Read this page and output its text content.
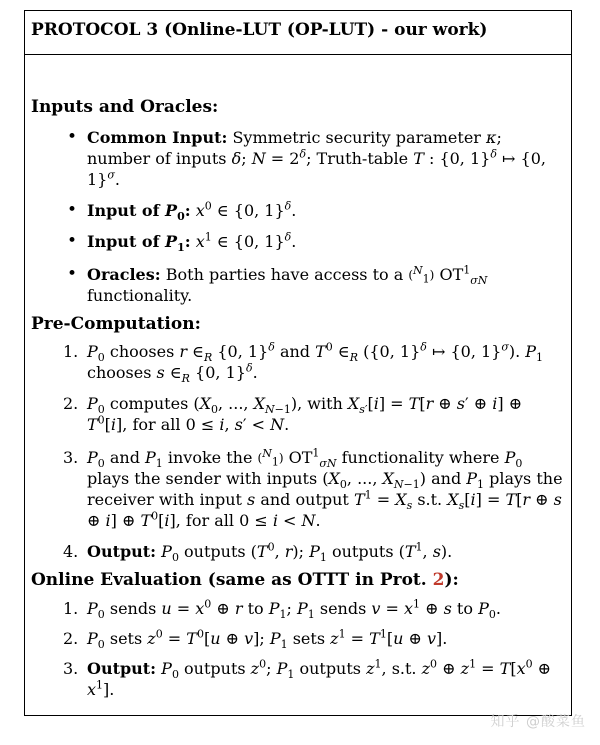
PROTOCOL 3 (Online-LUT (OP-LUT) - our work)

Inputs and Oracles:

• Common Input: Symmetric security parameter κ; number of inputs δ; $N = 2^\delta$; Truth-table T : {0, 1}$^\delta$ ↦ {0, 1}$^\sigma$.
• Input of $P_0$: $x^0$ ∈ {0, 1}$^\delta$.
• Input of $P_1$: $x^1$ ∈ {0, 1}$^\delta$.
• Oracles: Both parties have access to a ($^N_1$) $OT^1_{\sigma N}$ functionality.

Pre-Computation:

1. $P_0$ chooses r $\in_R$ {0, 1}$^\delta$ and $T^0$ $\in_R$ ({0, 1}$^\delta$ ↦ {0, 1}$^\sigma$). $P_1$ chooses s $\in_R$ {0, 1}$^\delta$.
2. $P_0$ computes ($X_0$, ..., $X_{N-1}$), with $X_{s'}[i] = T[r$ ⊕ s′ ⊕ i] ⊕ $T^0[i]$, for all 0 ≤ i, s′ < N.
3. $P_0$ and $P_1$ invoke the ($^N_1$) $OT^1_{\sigma N}$ functionality where $P_0$ plays the sender with inputs ($X_0$, ..., $X_{N-1}$) and $P_1$ plays the receiver with input s and output $T^1 = X_s$ s.t. $X_s[i] = T[r$ ⊕ s ⊕ i] ⊕ $T^0[i]$, for all 0 ≤ i < N.
4. Output: $P_0$ outputs ($T^0$, r); $P_1$ outputs ($T^1$, s).

Online Evaluation (same as OTTT in Prot. 2):

1. $P_0$ sends $u = x^0$ ⊕ r to $P_1$; $P_1$ sends $v = x^1$ ⊕ s to $P_0$.
2. $P_0$ sets $z^0 = T^0[u$ ⊕ v]; $P_1$ sets $z^1 = T^1[u$ ⊕ v].
3. Output: $P_0$ outputs $z^0$; $P_1$ outputs $z^1$, s.t. $z^0$ ⊕ $z^1 = T[x^0$ ⊕ $x^1$].
知乎 @酸菜鱼
